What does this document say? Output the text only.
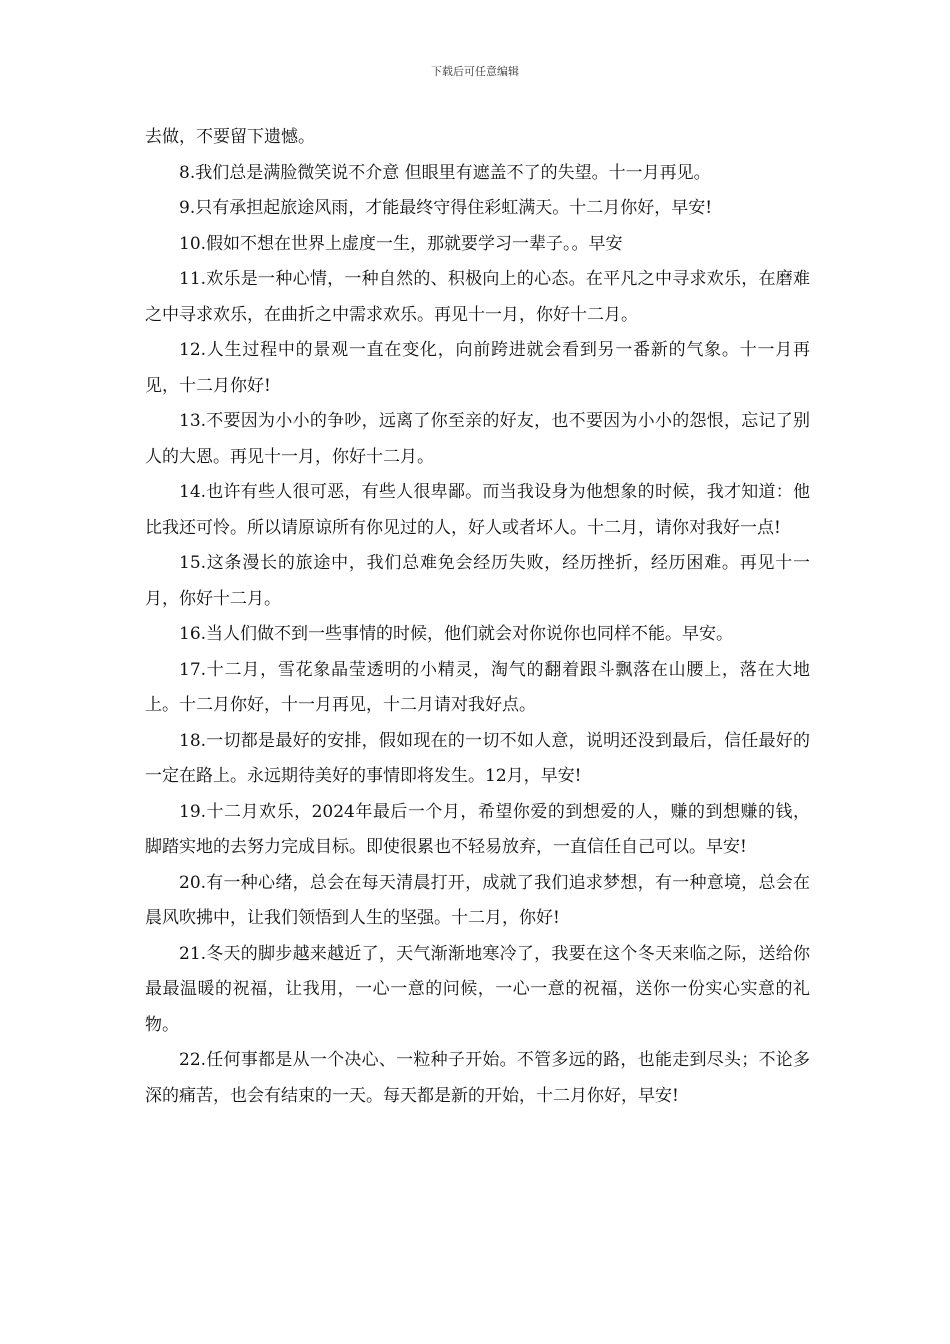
下载后可任意编辑

去做，不要留下遗憾。

8.我们总是满脸微笑说不介意 但眼里有遮盖不了的失望。十一月再见。

9.只有承担起旅途风雨，才能最终守得住彩虹满天。十二月你好，早安!

10.假如不想在世界上虚度一生，那就要学习一辈子。。早安

11.欢乐是一种心情，一种自然的、积极向上的心态。在平凡之中寻求欢乐，在磨难之中寻求欢乐，在曲折之中需求欢乐。再见十一月，你好十二月。

12.人生过程中的景观一直在变化，向前跨进就会看到另一番新的气象。十一月再见，十二月你好!

13.不要因为小小的争吵，远离了你至亲的好友，也不要因为小小的怨恨，忘记了别人的大恩。再见十一月，你好十二月。

14.也许有些人很可恶，有些人很卑鄙。而当我设身为他想象的时候，我才知道：他比我还可怜。所以请原谅所有你见过的人，好人或者坏人。十二月，请你对我好一点!

15.这条漫长的旅途中，我们总难免会经历失败，经历挫折，经历困难。再见十一月，你好十二月。

16.当人们做不到一些事情的时候，他们就会对你说你也同样不能。早安。

17.十二月，雪花象晶莹透明的小精灵，淘气的翻着跟斗飘落在山腰上，落在大地上。十二月你好，十一月再见，十二月请对我好点。

18.一切都是最好的安排，假如现在的一切不如人意，说明还没到最后，信任最好的一定在路上。永远期待美好的事情即将发生。12月，早安!

19.十二月欢乐，2024年最后一个月，希望你爱的到想爱的人，赚的到想赚的钱，脚踏实地的去努力完成目标。即使很累也不轻易放弃，一直信任自己可以。早安!

20.有一种心绪，总会在每天清晨打开，成就了我们追求梦想，有一种意境，总会在晨风吹拂中，让我们领悟到人生的坚强。十二月，你好!

21.冬天的脚步越来越近了，天气渐渐地寒冷了，我要在这个冬天来临之际，送给你最最温暖的祝福，让我用，一心一意的问候，一心一意的祝福，送你一份实心实意的礼物。

22.任何事都是从一个决心、一粒种子开始。不管多远的路，也能走到尽头；不论多深的痛苦，也会有结束的一天。每天都是新的开始，十二月你好，早安!
